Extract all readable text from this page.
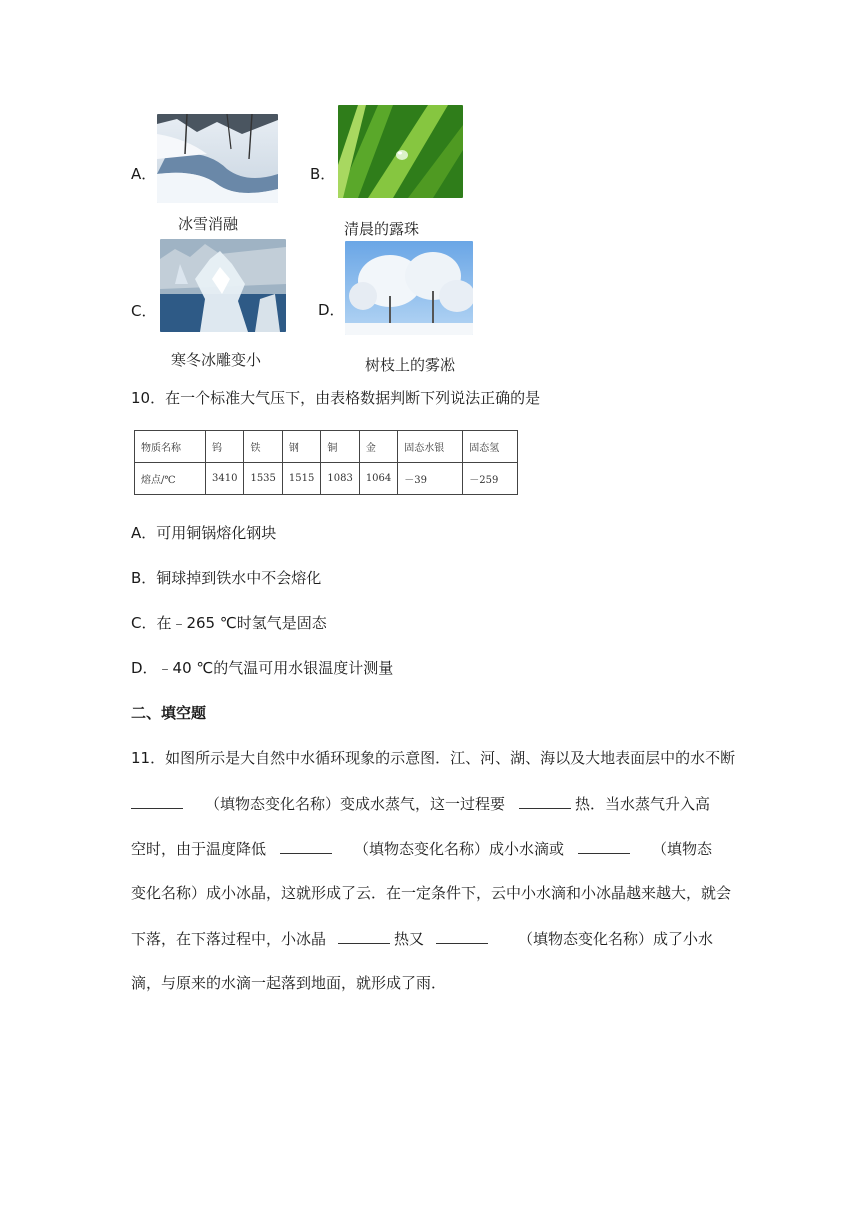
A．
冰雪消融
B．
清晨的露珠
C．
寒冬冰雕变小
D．
树枝上的雾凇
10．在一个标准大气压下，由表格数据判断下列说法正确的是
物质名称	钨	铁	钢	铜	金	固态水银	固态氢
熔点/℃	3410	1535	1515	1083	1064	－39	－259
A．可用铜锅熔化钢块
B．铜球掉到铁水中不会熔化
C．在﹣265 ℃时氢气是固态
D．﹣40 ℃的气温可用水银温度计测量
二、填空题
11．如图所示是大自然中水循环现象的示意图．江、河、湖、海以及大地表面层中的水不断
（填物态变化名称）变成水蒸气，这一过程要	热．当水蒸气升入高
空时，由于温度降低	（填物态变化名称）成小水滴或	（填物态
变化名称）成小冰晶，这就形成了云．在一定条件下，云中小水滴和小冰晶越来越大，就会
下落，在下落过程中，小冰晶	热又	（填物态变化名称）成了小水
滴，与原来的水滴一起落到地面，就形成了雨．
